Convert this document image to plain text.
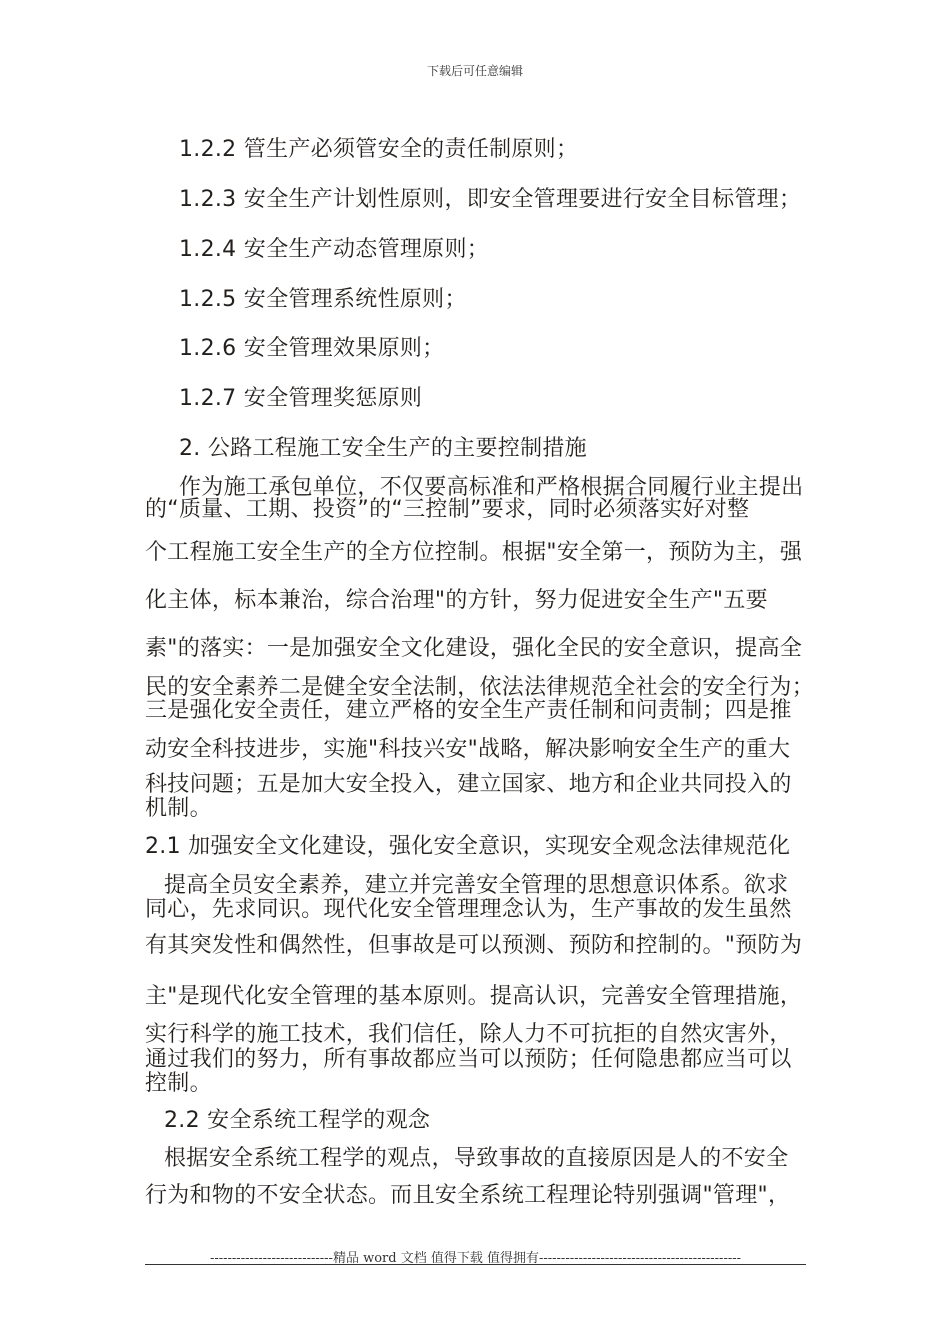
下载后可任意编辑
1.2.2 管生产必须管安全的责任制原则；
1.2.3 安全生产计划性原则，即安全管理要进行安全目标管理；
1.2.4 安全生产动态管理原则；
1.2.5 安全管理系统性原则；
1.2.6 安全管理效果原则；
1.2.7 安全管理奖惩原则
2. 公路工程施工安全生产的主要控制措施
作为施工承包单位，不仅要高标准和严格根据合同履行业主提出
的“质量、工期、投资”的“三控制”要求，同时必须落实好对整
个工程施工安全生产的全方位控制。根据"安全第一，预防为主，强
化主体，标本兼治，综合治理"的方针，努力促进安全生产"五要
素"的落实：一是加强安全文化建设，强化全民的安全意识，提高全
民的安全素养二是健全安全法制，依法法律规范全社会的安全行为；
三是强化安全责任，建立严格的安全生产责任制和问责制；四是推
动安全科技进步，实施"科技兴安"战略，解决影响安全生产的重大
科技问题；五是加大安全投入，建立国家、地方和企业共同投入的
机制。
2.1 加强安全文化建设，强化安全意识，实现安全观念法律规范化
提高全员安全素养，建立并完善安全管理的思想意识体系。欲求
同心，先求同识。现代化安全管理理念认为，生产事故的发生虽然
有其突发性和偶然性，但事故是可以预测、预防和控制的。"预防为
主"是现代化安全管理的基本原则。提高认识，完善安全管理措施，
实行科学的施工技术，我们信任，除人力不可抗拒的自然灾害外，
通过我们的努力，所有事故都应当可以预防；任何隐患都应当可以
控制。
2.2 安全系统工程学的观念
根据安全系统工程学的观点，导致事故的直接原因是人的不安全
行为和物的不安全状态。而且安全系统工程理论特别强调"管理"，
----------------------------精品 word 文档 值得下载 值得拥有----------------------------------------------
